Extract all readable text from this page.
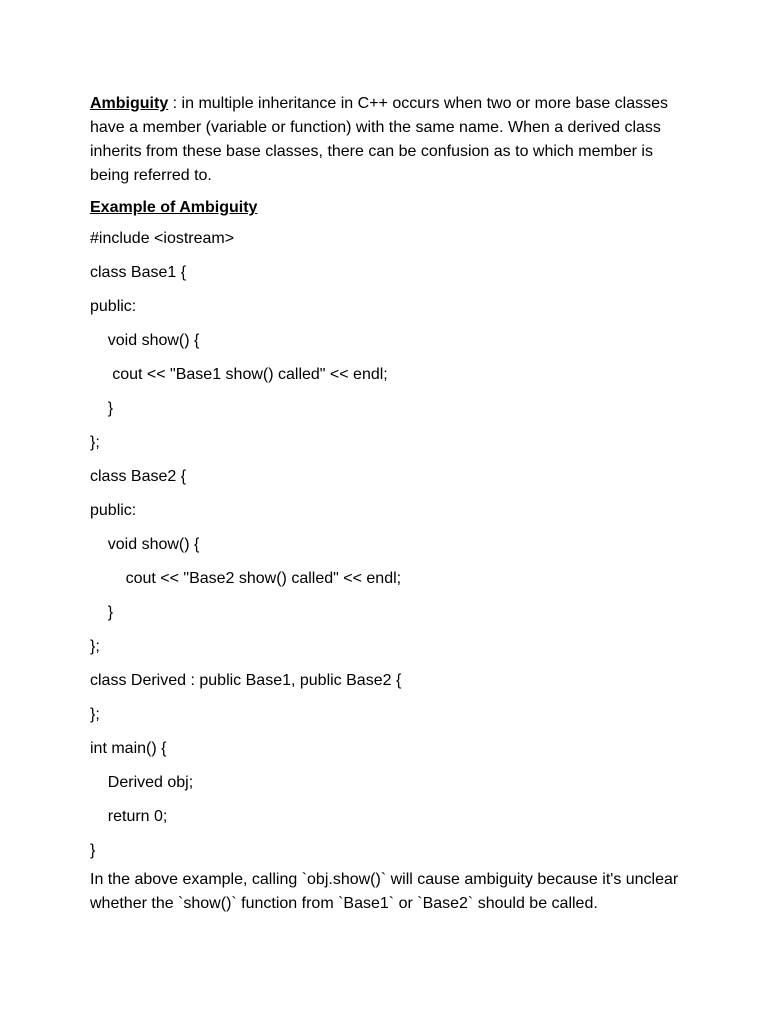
Ambiguity : in multiple inheritance in C++ occurs when two or more base classes have a member (variable or function) with the same name. When a derived class inherits from these base classes, there can be confusion as to which member is being referred to.

Example of Ambiguity
#include <iostream>
class Base1 {
public:
void show() {
cout << "Base1 show() called" << endl;
}
};
class Base2 {
public:
void show() {
cout << "Base2 show() called" << endl;
}
};
class Derived : public Base1, public Base2 {
};
int main() {
Derived obj;
return 0;
}

In the above example, calling `obj.show()` will cause ambiguity because it's unclear whether the `show()` function from `Base1` or `Base2` should be called.
